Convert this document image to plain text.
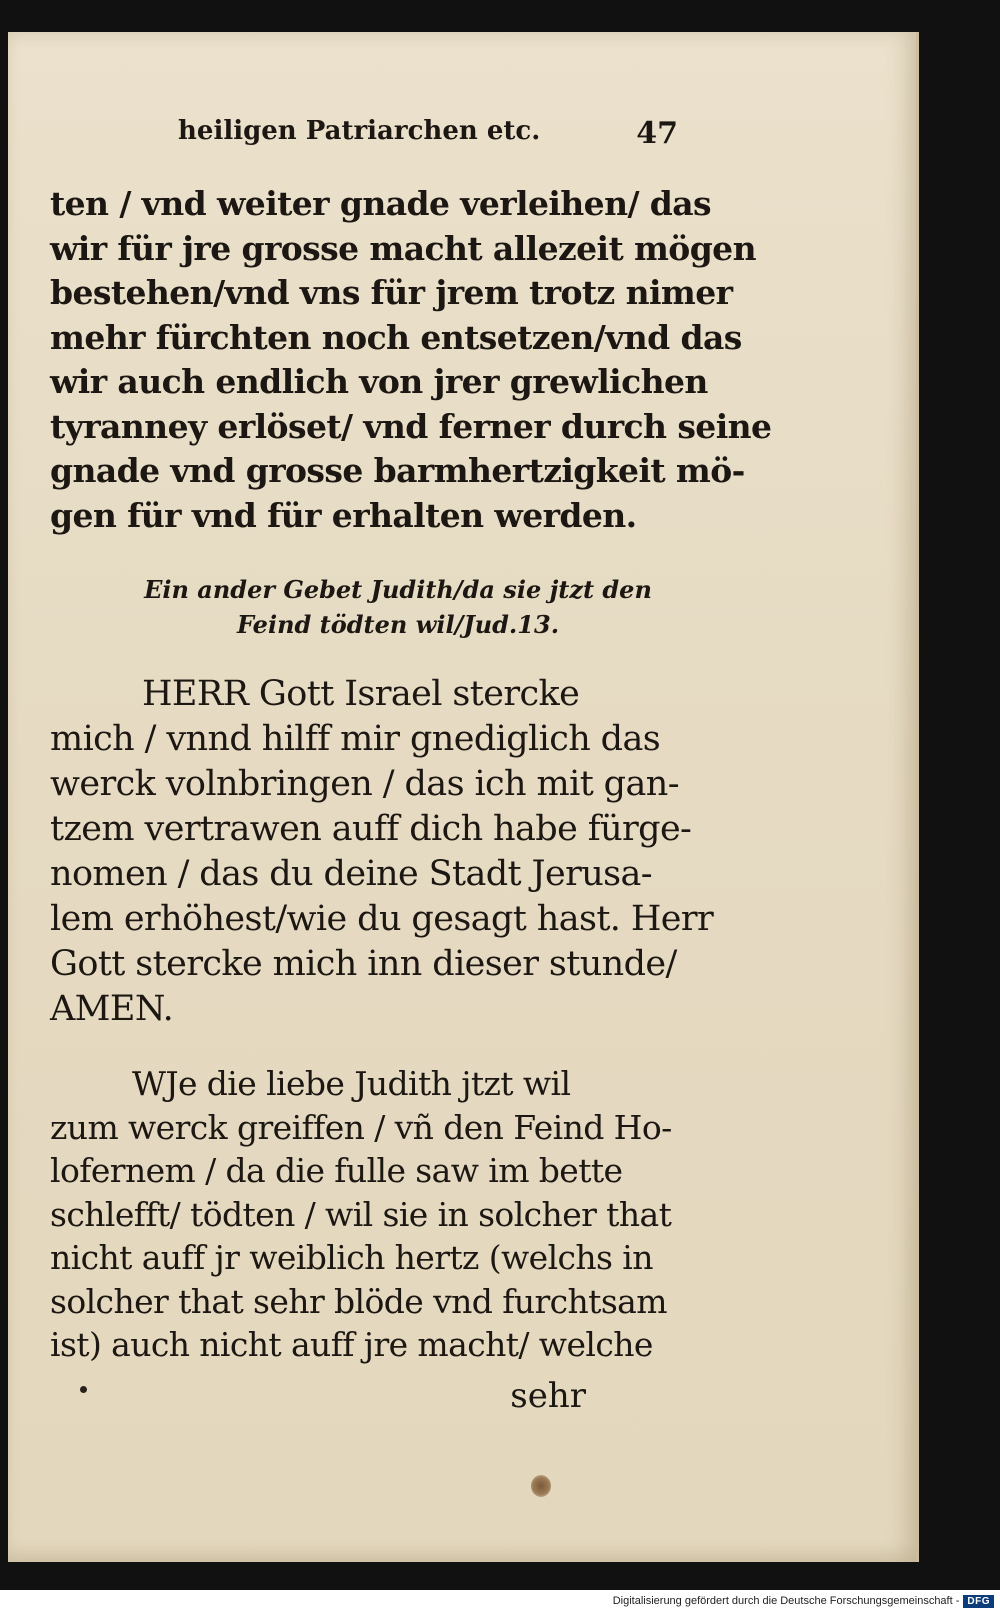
heiligen Patriarchen etc.	47
ten / vnd weiter gnade verleihen/ das
wir für jre grosse macht allezeit mögen
bestehen/vnd vns für jrem trotz nimer
mehr fürchten noch entsetzen/vnd das
wir auch endlich von jrer grewlichen
tyranney erlöset/ vnd ferner durch seine
gnade vnd grosse barmhertzigkeit mö-
gen für vnd für erhalten werden.
Ein ander Gebet Judith/da sie jtzt den
Feind tödten wil/Jud.13.
HERR Gott Israel stercke
mich / vnnd hilff mir gnediglich das
werck volnbringen / das ich mit gan-
tzem vertrawen auff dich habe fürge-
nomen / das du deine Stadt Jerusa-
lem erhöhest/wie du gesagt hast. Herr
Gott stercke mich inn dieser stunde/
AMEN.
WJe die liebe Judith jtzt wil
zum werck greiffen / vñ den Feind Ho-
lofernem / da die fulle saw im bette
schlefft/ tödten / wil sie in solcher that
nicht auff jr weiblich hertz (welchs in
solcher that sehr blöde vnd furchtsam
ist) auch nicht auff jre macht/ welche
sehr
Digitalisierung gefördert durch die Deutsche Forschungsgemeinschaft - DFG
